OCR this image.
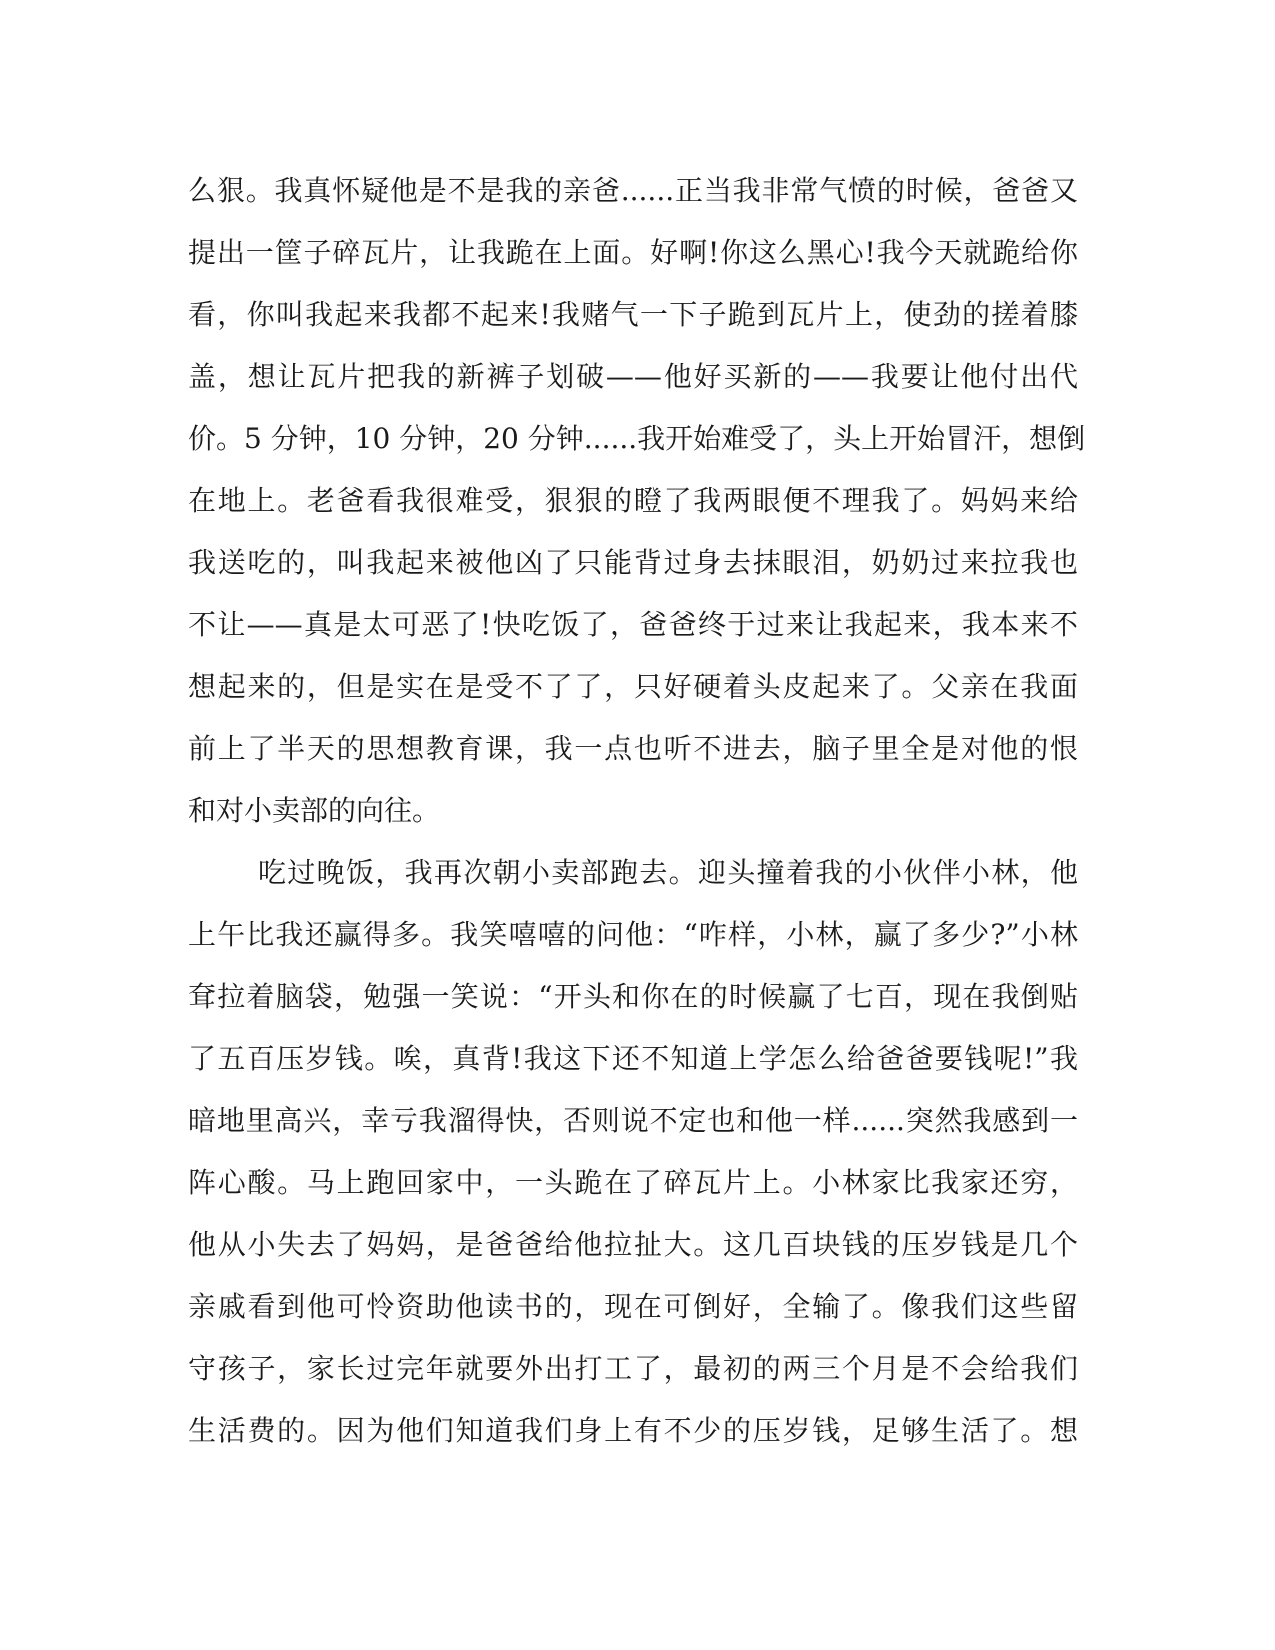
么狠。我真怀疑他是不是我的亲爸......正当我非常气愤的时候，爸爸又
提出一筐子碎瓦片，让我跪在上面。好啊!你这么黑心!我今天就跪给你
看，你叫我起来我都不起来!我赌气一下子跪到瓦片上，使劲的搓着膝
盖，想让瓦片把我的新裤子划破——他好买新的——我要让他付出代
价。5 分钟，10 分钟，20 分钟......我开始难受了，头上开始冒汗，想倒
在地上。老爸看我很难受，狠狠的瞪了我两眼便不理我了。妈妈来给
我送吃的，叫我起来被他凶了只能背过身去抹眼泪，奶奶过来拉我也
不让——真是太可恶了!快吃饭了，爸爸终于过来让我起来，我本来不
想起来的，但是实在是受不了了，只好硬着头皮起来了。父亲在我面
前上了半天的思想教育课，我一点也听不进去，脑子里全是对他的恨
和对小卖部的向往。
吃过晚饭，我再次朝小卖部跑去。迎头撞着我的小伙伴小林，他
上午比我还赢得多。我笑嘻嘻的问他：“咋样，小林，赢了多少?”小林
耷拉着脑袋，勉强一笑说：“开头和你在的时候赢了七百，现在我倒贴
了五百压岁钱。唉，真背!我这下还不知道上学怎么给爸爸要钱呢!”我
暗地里高兴，幸亏我溜得快，否则说不定也和他一样......突然我感到一
阵心酸。马上跑回家中，一头跪在了碎瓦片上。小林家比我家还穷，
他从小失去了妈妈，是爸爸给他拉扯大。这几百块钱的压岁钱是几个
亲戚看到他可怜资助他读书的，现在可倒好，全输了。像我们这些留
守孩子，家长过完年就要外出打工了，最初的两三个月是不会给我们
生活费的。因为他们知道我们身上有不少的压岁钱，足够生活了。想
